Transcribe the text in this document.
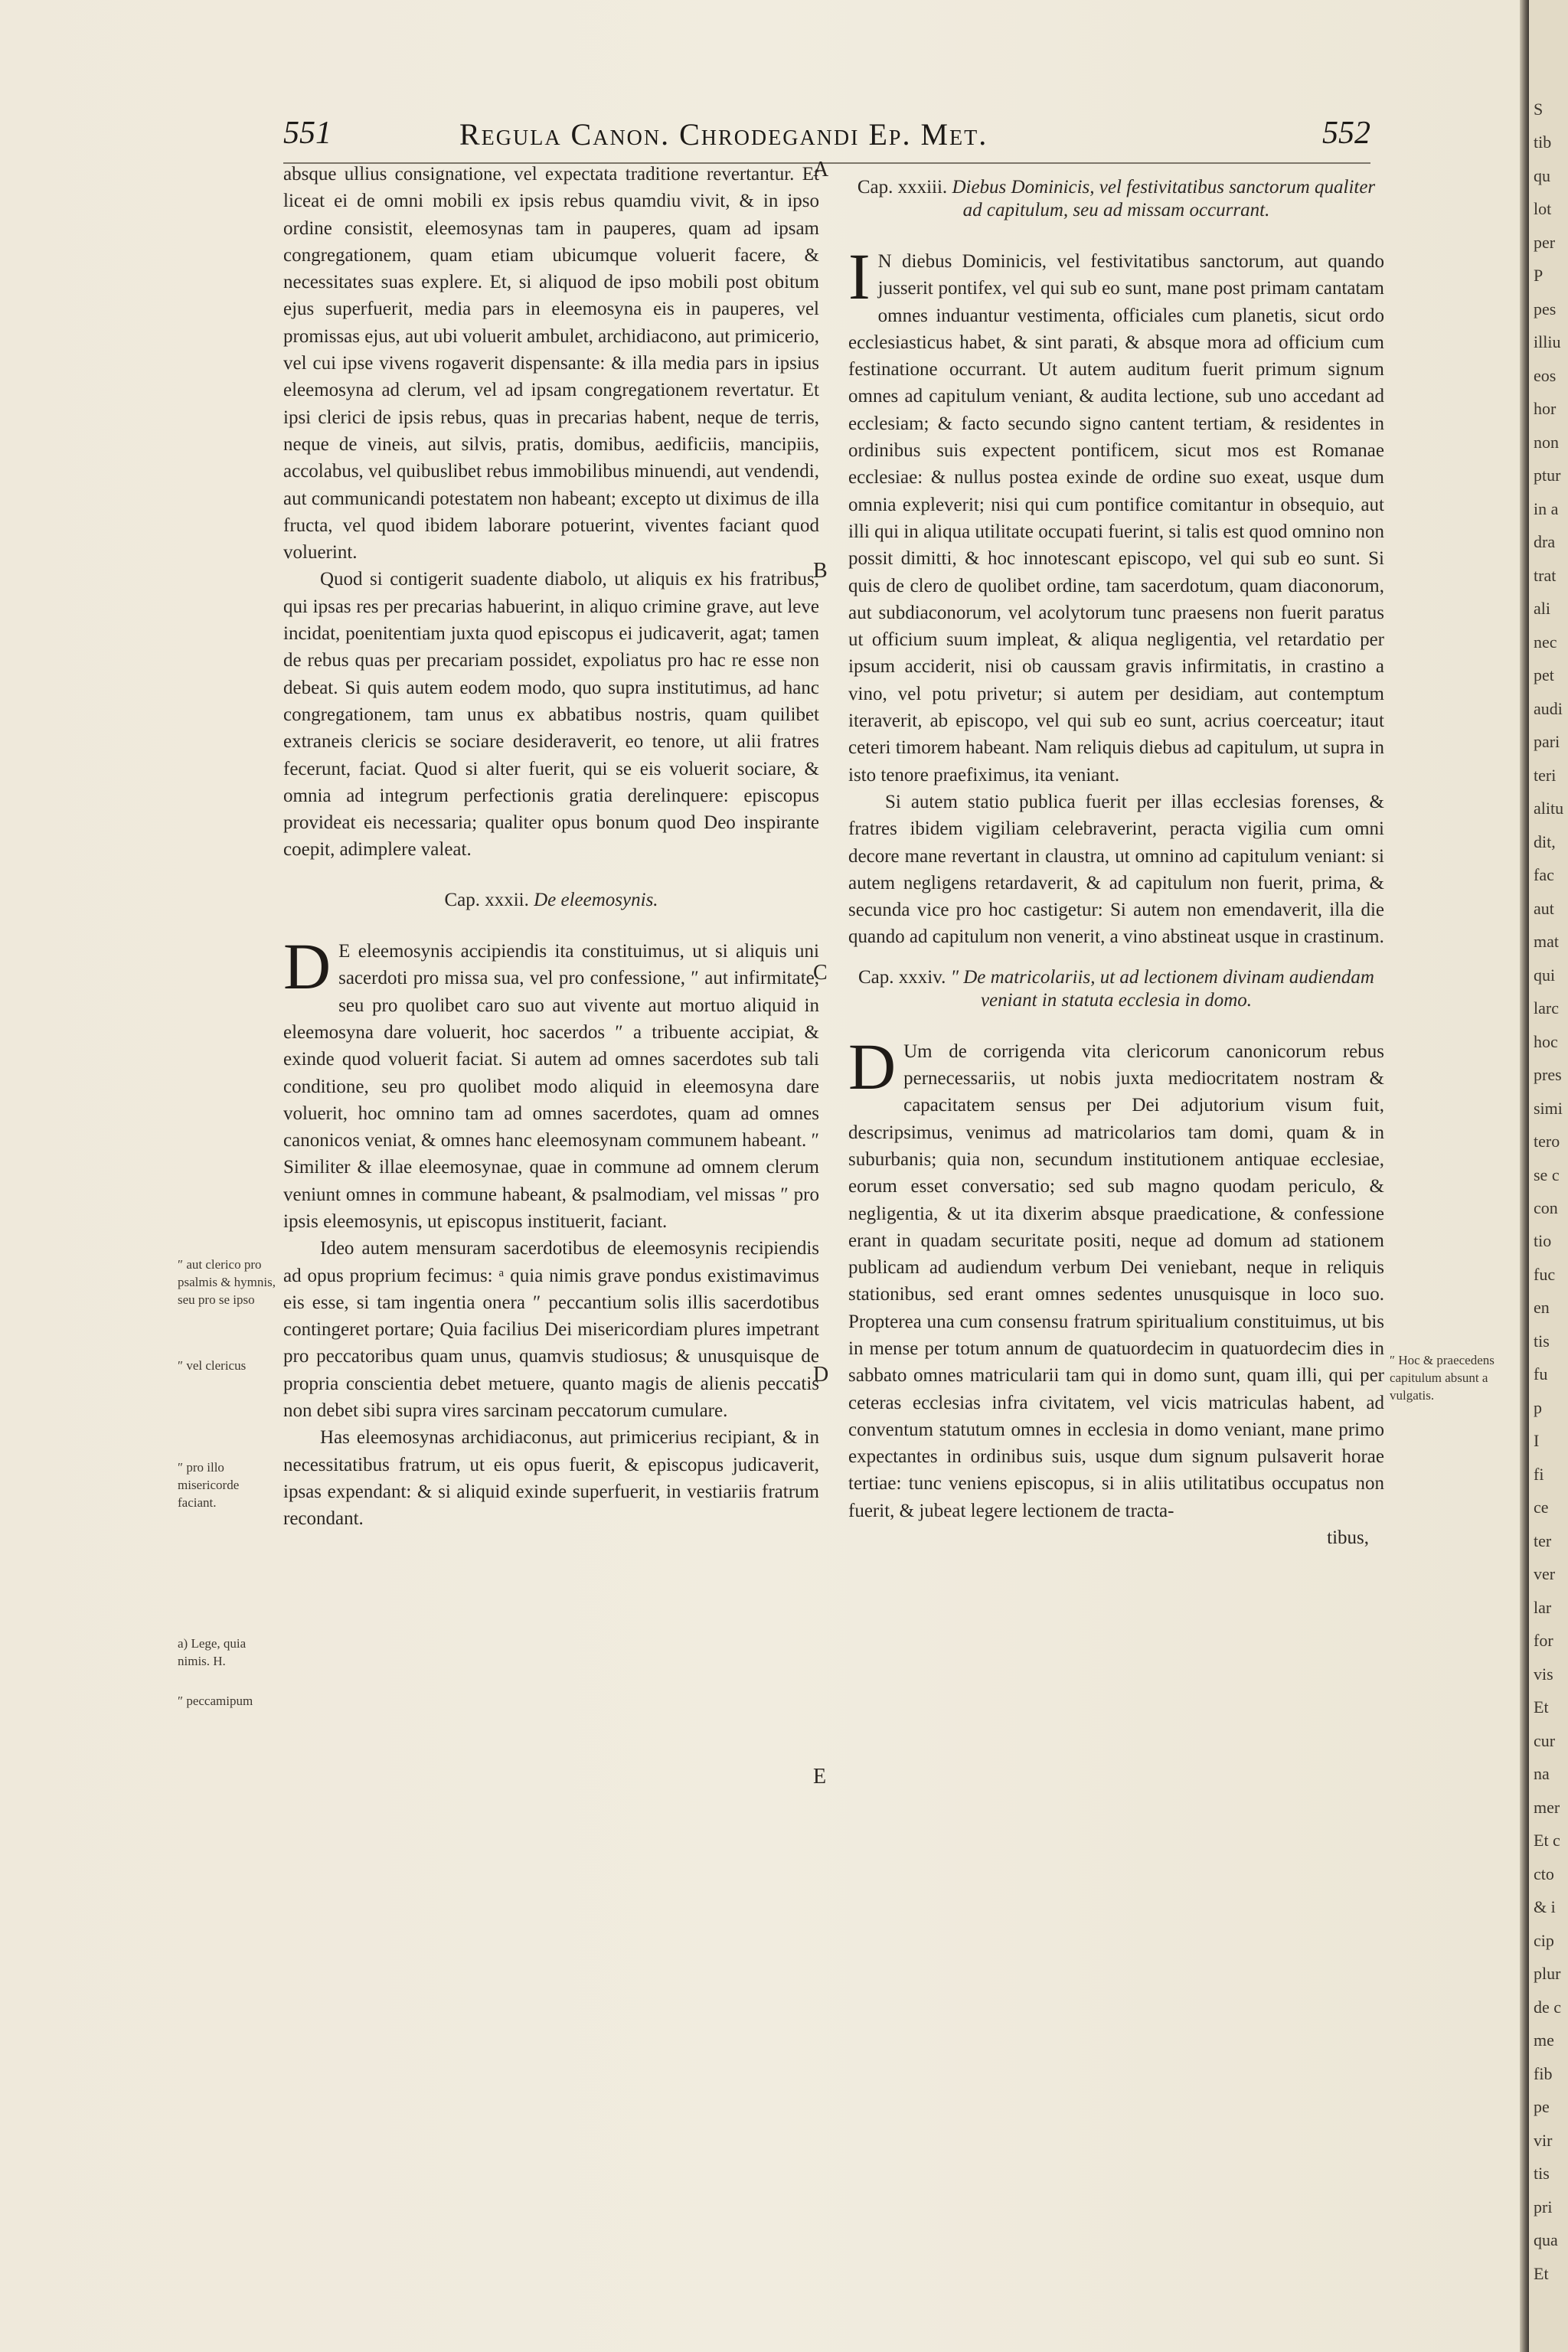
551	Regula Canon. Chrodegandi Ep. Met.	552

absque ullius consignatione, vel expectata traditione revertantur. Et liceat ei de omni mobili ex ipsis rebus quamdiu vivit, & in ipso ordine consistit, eleemosynas tam in pauperes, quam ad ipsam congregationem, quam etiam ubicumque voluerit facere, & necessitates suas explere. Et, si aliquod de ipso mobili post obitum ejus superfuerit, media pars in eleemosyna eis in pauperes, vel promissas ejus, aut ubi voluerit ambulet, archidiacono, aut primicerio, vel cui ipse vivens rogaverit dispensante: & illa media pars in ipsius eleemosyna ad clerum, vel ad ipsam congregationem revertatur. Et ipsi clerici de ipsis rebus, quas in precarias habent, neque de terris, neque de vineis, aut silvis, pratis, domibus, aedificiis, mancipiis, accolabus, vel quibuslibet rebus immobilibus minuendi, aut vendendi, aut communicandi potestatem non habeant; excepto ut diximus de illa fructa, vel quod ibidem laborare potuerint, viventes faciant quod voluerint.

Quod si contigerit suadente diabolo, ut aliquis ex his fratribus, qui ipsas res per precarias habuerint, in aliquo crimine grave, aut leve incidat, poenitentiam juxta quod episcopus ei judicaverit, agat; tamen de rebus quas per precariam possidet, expoliatus pro hac re esse non debeat. Si quis autem eodem modo, quo supra institutimus, ad hanc congregationem, tam unus ex abbatibus nostris, quam quilibet extraneis clericis se sociare desideraverit, eo tenore, ut alii fratres fecerunt, faciat. Quod si alter fuerit, qui se eis voluerit sociare, & omnia ad integrum perfectionis gratia derelinquere: episcopus provideat eis necessaria; qualiter opus bonum quod Deo inspirante coepit, adimplere valeat.

Cap. xxxii. De eleemosynis.

D E eleemosynis accipiendis ita constituimus, ut si aliquis uni sacerdoti pro missa sua, vel pro confessione, ″ aut infirmitate, seu pro quolibet caro suo aut vivente aut mortuo aliquid in eleemosyna dare voluerit, hoc sacerdos ″ a tribuente accipiat, & exinde quod voluerit faciat. Si autem ad omnes sacerdotes sub tali conditione, seu pro quolibet modo aliquid in eleemosyna dare voluerit, hoc omnino tam ad omnes sacerdotes, quam ad omnes canonicos veniat, & omnes hanc eleemosynam communem habeant. ″ Similiter & illae eleemosynae, quae in commune ad omnem clerum veniunt omnes in commune habeant, & psalmodiam, vel missas ″ pro ipsis eleemosynis, ut episcopus instituerit, faciant.

Ideo autem mensuram sacerdotibus de eleemosynis recipiendis ad opus proprium fecimus: ᵃ quia nimis grave pondus existimavimus eis esse, si tam ingentia onera ″ peccantium solis illis sacerdotibus contingeret portare; Quia facilius Dei misericordiam plures impetrant pro peccatoribus quam unus, quamvis studiosus; & unusquisque de propria conscientia debet metuere, quanto magis de alienis peccatis non debet sibi supra vires sarcinam peccatorum cumulare.

Has eleemosynas archidiaconus, aut primicerius recipiant, & in necessitatibus fratrum, ut eis opus fuerit, & episcopus judicaverit, ipsas expendant: & si aliquid exinde superfuerit, in vestiariis fratrum recondant.

Cap. xxxiii. Diebus Dominicis, vel festivitatibus sanctorum qualiter ad capitulum, seu ad missam occurrant.

I N diebus Dominicis, vel festivitatibus sanctorum, aut quando jusserit pontifex, vel qui sub eo sunt, mane post primam cantatam omnes induantur vestimenta, officiales cum planetis, sicut ordo ecclesiasticus habet, & sint parati, & absque mora ad officium cum festinatione occurrant. Ut autem auditum fuerit primum signum omnes ad capitulum veniant, & audita lectione, sub uno accedant ad ecclesiam; & facto secundo signo cantent tertiam, & residentes in ordinibus suis expectent pontificem, sicut mos est Romanae ecclesiae: & nullus postea exinde de ordine suo exeat, usque dum omnia expleverit; nisi qui cum pontifice comitantur in obsequio, aut illi qui in aliqua utilitate occupati fuerint, si talis est quod omnino non possit dimitti, & hoc innotescant episcopo, vel qui sub eo sunt. Si quis de clero de quolibet ordine, tam sacerdotum, quam diaconorum, aut subdiaconorum, vel acolytorum tunc praesens non fuerit paratus ut officium suum impleat, & aliqua negligentia, vel retardatio per ipsum acciderit, nisi ob caussam gravis infirmitatis, in crastino a vino, vel potu privetur; si autem per desidiam, aut contemptum iteraverit, ab episcopo, vel qui sub eo sunt, acrius coerceatur; itaut ceteri timorem habeant. Nam reliquis diebus ad capitulum, ut supra in isto tenore praefiximus, ita veniant.

Si autem statio publica fuerit per illas ecclesias forenses, & fratres ibidem vigiliam celebraverint, peracta vigilia cum omni decore mane revertant in claustra, ut omnino ad capitulum veniant: si autem negligens retardaverit, & ad capitulum non fuerit, prima, & secunda vice pro hoc castigetur: Si autem non emendaverit, illa die quando ad capitulum non venerit, a vino abstineat usque in crastinum.

Cap. xxxiv. ″ De matricolariis, ut ad lectionem divinam audiendam veniant in statuta ecclesia in domo.

D Um de corrigenda vita clericorum canonicorum rebus pernecessariis, ut nobis juxta mediocritatem nostram & capacitatem sensus per Dei adjutorium visum fuit, descripsimus, venimus ad matricolarios tam domi, quam & in suburbanis; quia non, secundum institutionem antiquae ecclesiae, eorum esset conversatio; sed sub magno quodam periculo, & negligentia, & ut ita dixerim absque praedicatione, & confessione erant in quadam securitate positi, neque ad domum ad stationem publicam ad audiendum verbum Dei veniebant, neque in reliquis stationibus, sed erant omnes sedentes unusquisque in loco suo. Propterea una cum consensu fratrum spiritualium constituimus, ut bis in mense per totum annum de quatuordecim in quatuordecim dies in sabbato omnes matricularii tam qui in domo sunt, quam illi, qui per ceteras ecclesias infra civitatem, vel vicis matriculas habent, ad conventum statutum omnes in ecclesia in domo veniant, mane primo expectantes in ordinibus suis, usque dum signum pulsaverit horae tertiae: tunc veniens episcopus, si in aliis utilitatibus occupatus non fuerit, & jubeat legere lectionem de tracta-

tibus,

A
B
C
D
E
″ aut clerico pro psalmis & hymnis, seu pro se ipso
″ vel clericus
″ pro illo misericorde faciant.
a) Lege, quia nimis. H.
″ peccamipum
″ Hoc & praecedens capitulum absunt a vulgatis.
S
tib
qu
lot
per
P
pes
illiu
eos
hor
non
ptur
in a
dra
trat
ali
nec
pet
audi
pari
teri
alitu
dit,
fac
aut
mat
qui
larc
hoc
pres
simi
tero
se c
con
tio
fuc
en
tis
fu
p
I
fi
ce
ter
ver
lar
for
vis
Et
cur
na
mer
Et c
cto
& i
cip
plur
de c
me
fib
pe
vir
tis
pri
qua
Et
